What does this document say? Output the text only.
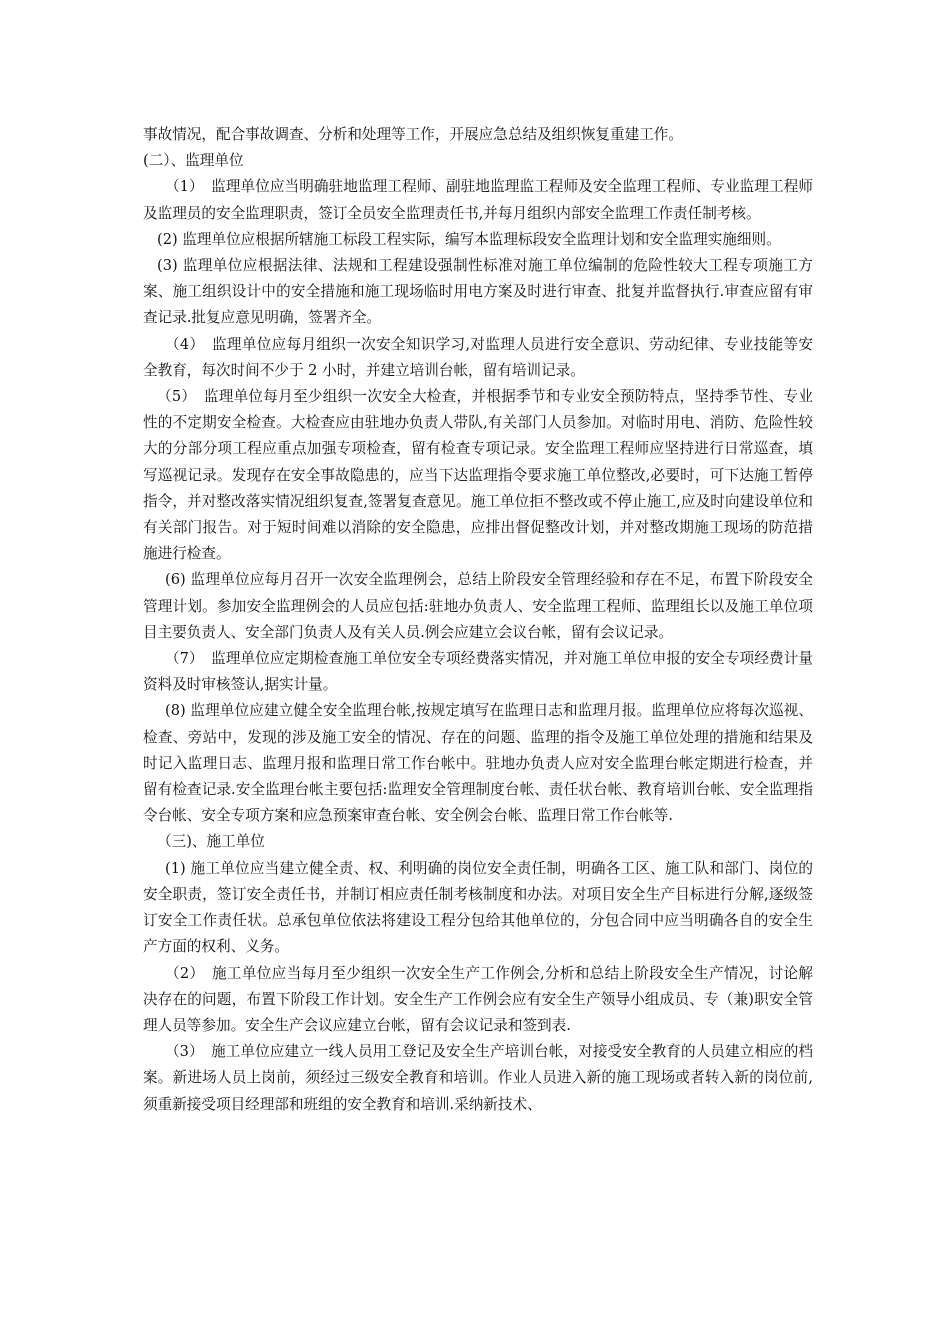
事故情况，配合事故调查、分析和处理等工作，开展应急总结及组织恢复重建工作。

(二）、监理单位

（1）　监理单位应当明确驻地监理工程师、副驻地监理监工程师及安全监理工程师、专业监理工程师及监理员的安全监理职责，签订全员安全监理责任书,并每月组织内部安全监理工作责任制考核。

(2) 监理单位应根据所辖施工标段工程实际，编写本监理标段安全监理计划和安全监理实施细则。

(3) 监理单位应根据法律、法规和工程建设强制性标准对施工单位编制的危险性较大工程专项施工方案、施工组织设计中的安全措施和施工现场临时用电方案及时进行审查、批复并监督执行.审查应留有审查记录.批复应意见明确，签署齐全。

（4）　监理单位应每月组织一次安全知识学习,对监理人员进行安全意识、劳动纪律、专业技能等安全教育，每次时间不少于 2 小时，并建立培训台帐，留有培训记录。

（5）　监理单位每月至少组织一次安全大检查，并根据季节和专业安全预防特点，坚持季节性、专业性的不定期安全检查。大检查应由驻地办负责人带队,有关部门人员参加。对临时用电、消防、危险性较大的分部分项工程应重点加强专项检查，留有检查专项记录。安全监理工程师应坚持进行日常巡查，填写巡视记录。发现存在安全事故隐患的，应当下达监理指令要求施工单位整改,必要时，可下达施工暂停指令，并对整改落实情况组织复查,签署复查意见。施工单位拒不整改或不停止施工,应及时向建设单位和有关部门报告。对于短时间难以消除的安全隐患，应排出督促整改计划，并对整改期施工现场的防范措施进行检查。

(6) 监理单位应每月召开一次安全监理例会，总结上阶段安全管理经验和存在不足，布置下阶段安全管理计划。参加安全监理例会的人员应包括:驻地办负责人、安全监理工程师、监理组长以及施工单位项目主要负责人、安全部门负责人及有关人员.例会应建立会议台帐，留有会议记录。

（7）　监理单位应定期检查施工单位安全专项经费落实情况，并对施工单位申报的安全专项经费计量资料及时审核签认,据实计量。

(8) 监理单位应建立健全安全监理台帐,按规定填写在监理日志和监理月报。监理单位应将每次巡视、检查、旁站中，发现的涉及施工安全的情况、存在的问题、监理的指令及施工单位处理的措施和结果及时记入监理日志、监理月报和监理日常工作台帐中。驻地办负责人应对安全监理台帐定期进行检查，并留有检查记录.安全监理台帐主要包括:监理安全管理制度台帐、责任状台帐、教育培训台帐、安全监理指令台帐、安全专项方案和应急预案审查台帐、安全例会台帐、监理日常工作台帐等.

（三)、施工单位

(1) 施工单位应当建立健全责、权、利明确的岗位安全责任制，明确各工区、施工队和部门、岗位的安全职责，签订安全责任书，并制订相应责任制考核制度和办法。对项目安全生产目标进行分解,逐级签订安全工作责任状。总承包单位依法将建设工程分包给其他单位的，分包合同中应当明确各自的安全生产方面的权利、义务。

（2）　施工单位应当每月至少组织一次安全生产工作例会,分析和总结上阶段安全生产情况，讨论解决存在的问题，布置下阶段工作计划。安全生产工作例会应有安全生产领导小组成员、专（兼)职安全管理人员等参加。安全生产会议应建立台帐，留有会议记录和签到表.

（3）　施工单位应建立一线人员用工登记及安全生产培训台帐，对接受安全教育的人员建立相应的档案。新进场人员上岗前，须经过三级安全教育和培训。作业人员进入新的施工现场或者转入新的岗位前,须重新接受项目经理部和班组的安全教育和培训.采纳新技术、
